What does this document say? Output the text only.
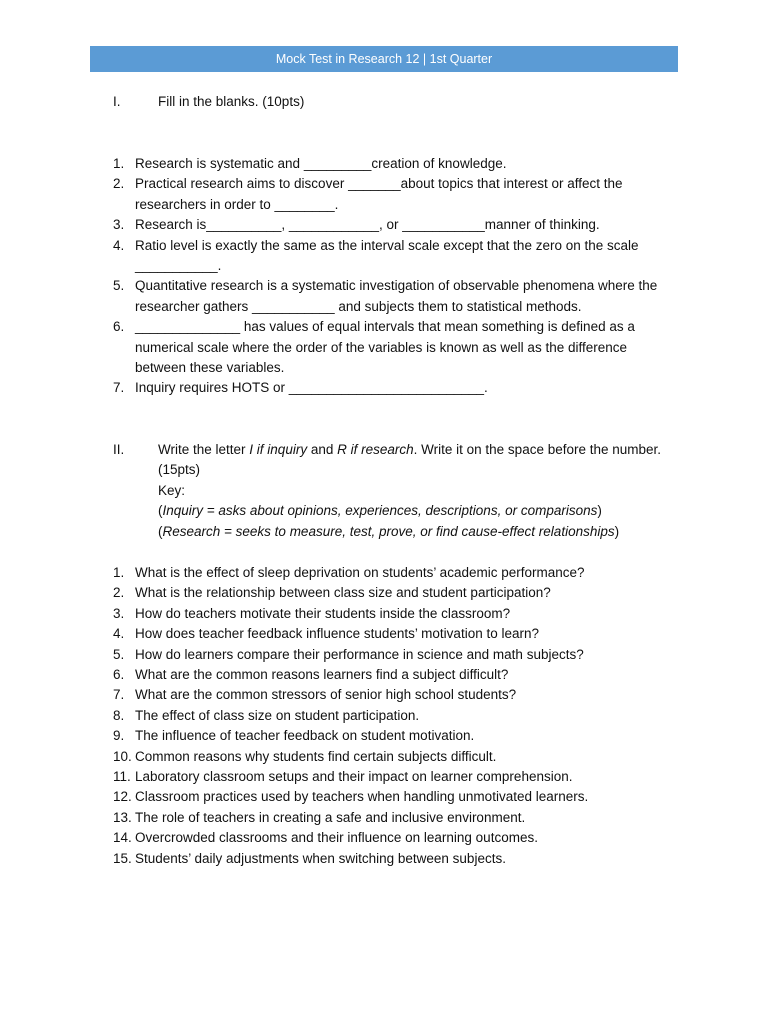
Mock Test in Research 12 | 1st Quarter
I.	Fill in the blanks. (10pts)
1. Research is systematic and _________creation of knowledge.
2. Practical research aims to discover _______about topics that interest or affect the researchers in order to ________.
3. Research is__________, ____________, or ___________manner of thinking.
4. Ratio level is exactly the same as the interval scale except that the zero on the scale ___________.
5. Quantitative research is a systematic investigation of observable phenomena where the researcher gathers ___________ and subjects them to statistical methods.
6. ______________ has values of equal intervals that mean something is defined as a numerical scale where the order of the variables is known as well as the difference between these variables.
7. Inquiry requires HOTS or __________________________.
II. Write the letter I if inquiry and R if research. Write it on the space before the number. (15pts)
Key:
(Inquiry = asks about opinions, experiences, descriptions, or comparisons)
(Research = seeks to measure, test, prove, or find cause-effect relationships)
1. What is the effect of sleep deprivation on students’ academic performance?
2. What is the relationship between class size and student participation?
3. How do teachers motivate their students inside the classroom?
4. How does teacher feedback influence students’ motivation to learn?
5. How do learners compare their performance in science and math subjects?
6. What are the common reasons learners find a subject difficult?
7. What are the common stressors of senior high school students?
8. The effect of class size on student participation.
9. The influence of teacher feedback on student motivation.
10. Common reasons why students find certain subjects difficult.
11. Laboratory classroom setups and their impact on learner comprehension.
12. Classroom practices used by teachers when handling unmotivated learners.
13. The role of teachers in creating a safe and inclusive environment.
14. Overcrowded classrooms and their influence on learning outcomes.
15. Students’ daily adjustments when switching between subjects.
